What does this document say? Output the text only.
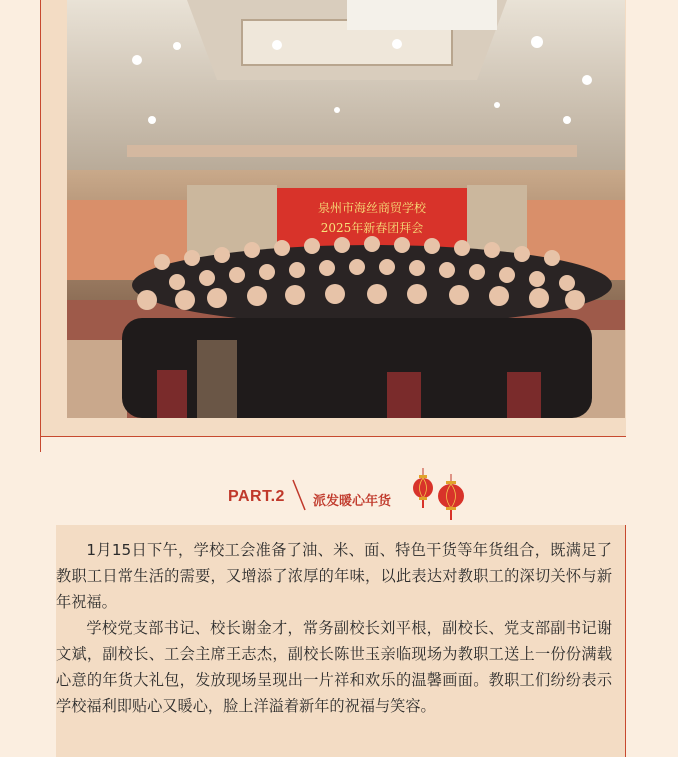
泉州市海丝商贸学校
2025年新春团拜会
PART.2 派发暖心年货

1月15日下午，学校工会准备了油、米、面、特色干货等年货组合，既满足了教职工日常生活的需要，又增添了浓厚的年味，以此表达对教职工的深切关怀与新年祝福。

学校党支部书记、校长谢金才，常务副校长刘平根，副校长、党支部副书记谢文斌，副校长、工会主席王志杰，副校长陈世玉亲临现场为教职工送上一份份满载心意的年货大礼包，发放现场呈现出一片祥和欢乐的温馨画面。教职工们纷纷表示学校福利即贴心又暖心，脸上洋溢着新年的祝福与笑容。
